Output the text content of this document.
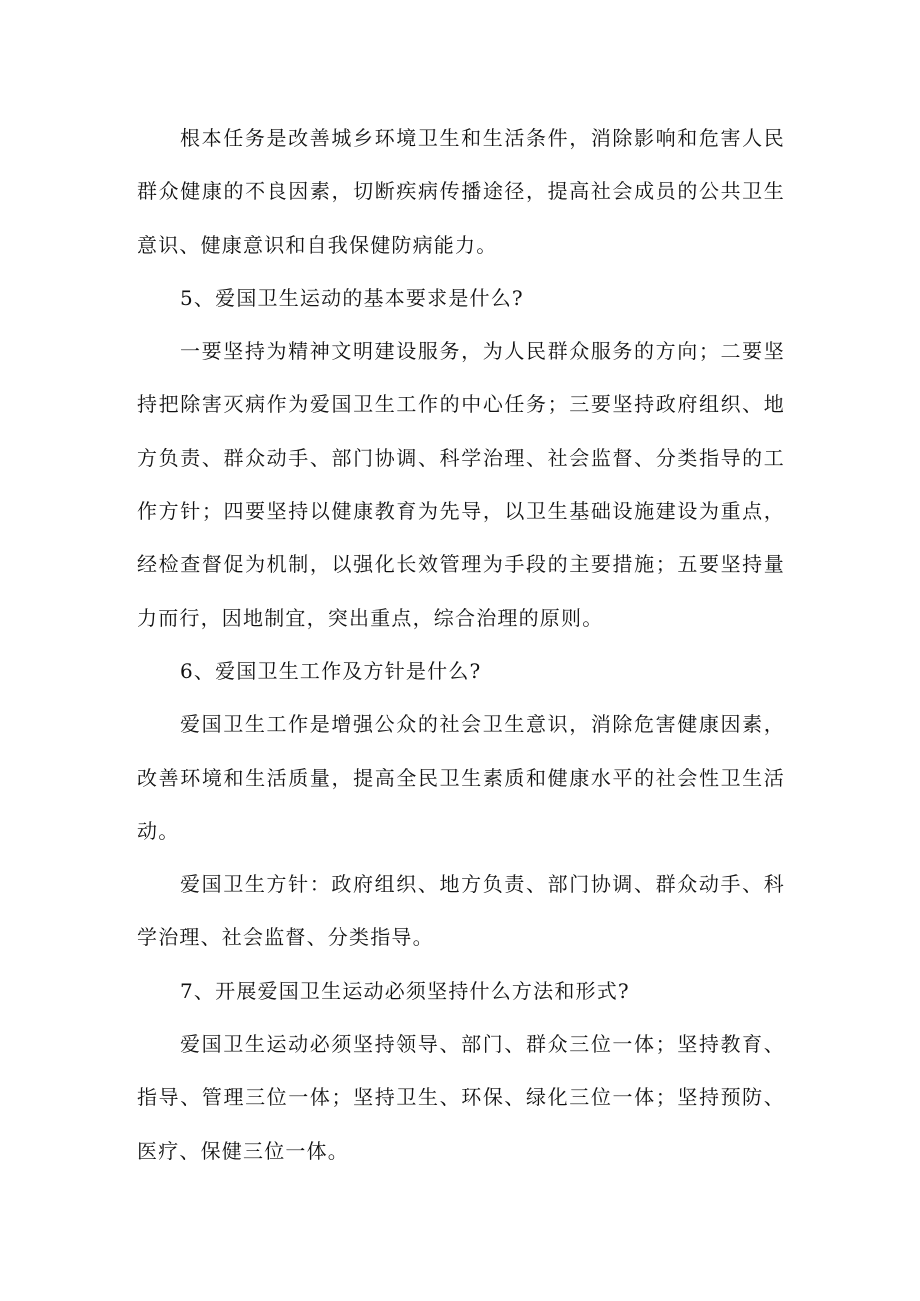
根本任务是改善城乡环境卫生和生活条件，消除影响和危害人民群众健康的不良因素，切断疾病传播途径，提高社会成员的公共卫生意识、健康意识和自我保健防病能力。

5、爱国卫生运动的基本要求是什么?

一要坚持为精神文明建设服务，为人民群众服务的方向；二要坚持把除害灭病作为爱国卫生工作的中心任务；三要坚持政府组织、地方负责、群众动手、部门协调、科学治理、社会监督、分类指导的工作方针；四要坚持以健康教育为先导，以卫生基础设施建设为重点，经检查督促为机制，以强化长效管理为手段的主要措施；五要坚持量力而行，因地制宜，突出重点，综合治理的原则。

6、爱国卫生工作及方针是什么?

爱国卫生工作是增强公众的社会卫生意识，消除危害健康因素，改善环境和生活质量，提高全民卫生素质和健康水平的社会性卫生活动。

爱国卫生方针：政府组织、地方负责、部门协调、群众动手、科学治理、社会监督、分类指导。

7、开展爱国卫生运动必须坚持什么方法和形式?

爱国卫生运动必须坚持领导、部门、群众三位一体；坚持教育、指导、管理三位一体；坚持卫生、环保、绿化三位一体；坚持预防、医疗、保健三位一体。
